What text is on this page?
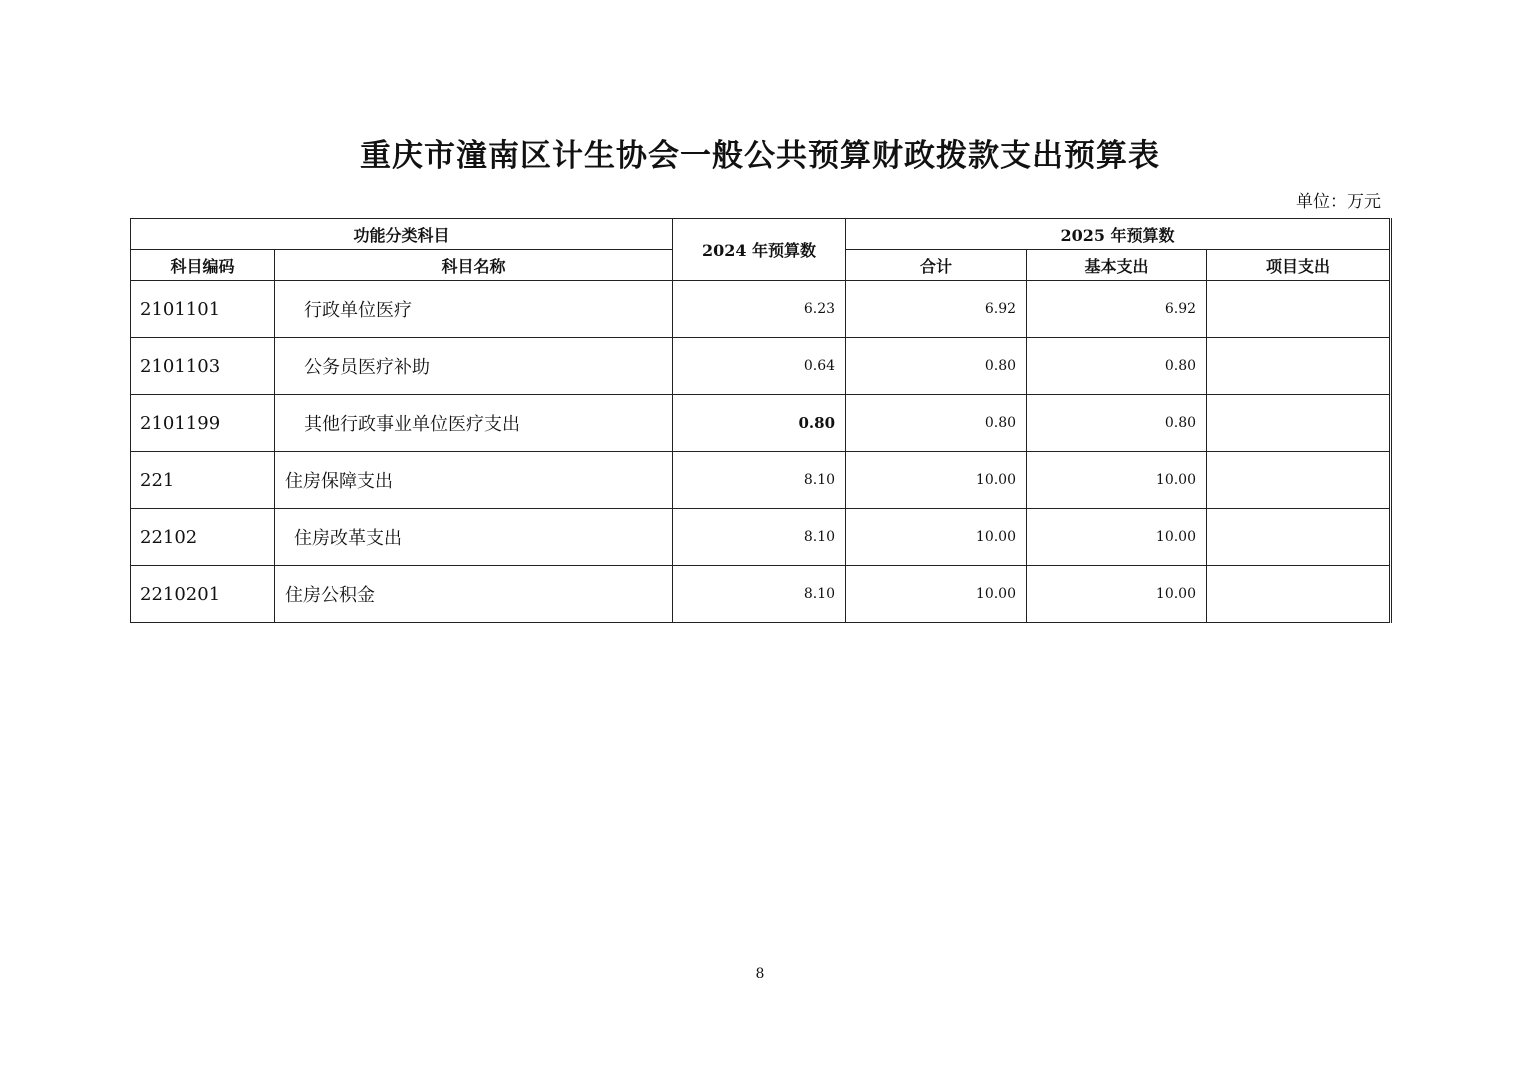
重庆市潼南区计生协会一般公共预算财政拨款支出预算表
单位：万元
功能分类科目		2024 年预算数	2025 年预算数		
科目编码	科目名称		合计	基本支出	项目支出
2101101	行政单位医疗	6.23	6.92	6.92	
2101103	公务员医疗补助	0.64	0.80	0.80	
2101199	其他行政事业单位医疗支出	0.80	0.80	0.80	
221	住房保障支出	8.10	10.00	10.00	
22102	住房改革支出	8.10	10.00	10.00	
2210201	住房公积金	8.10	10.00	10.00	
8
